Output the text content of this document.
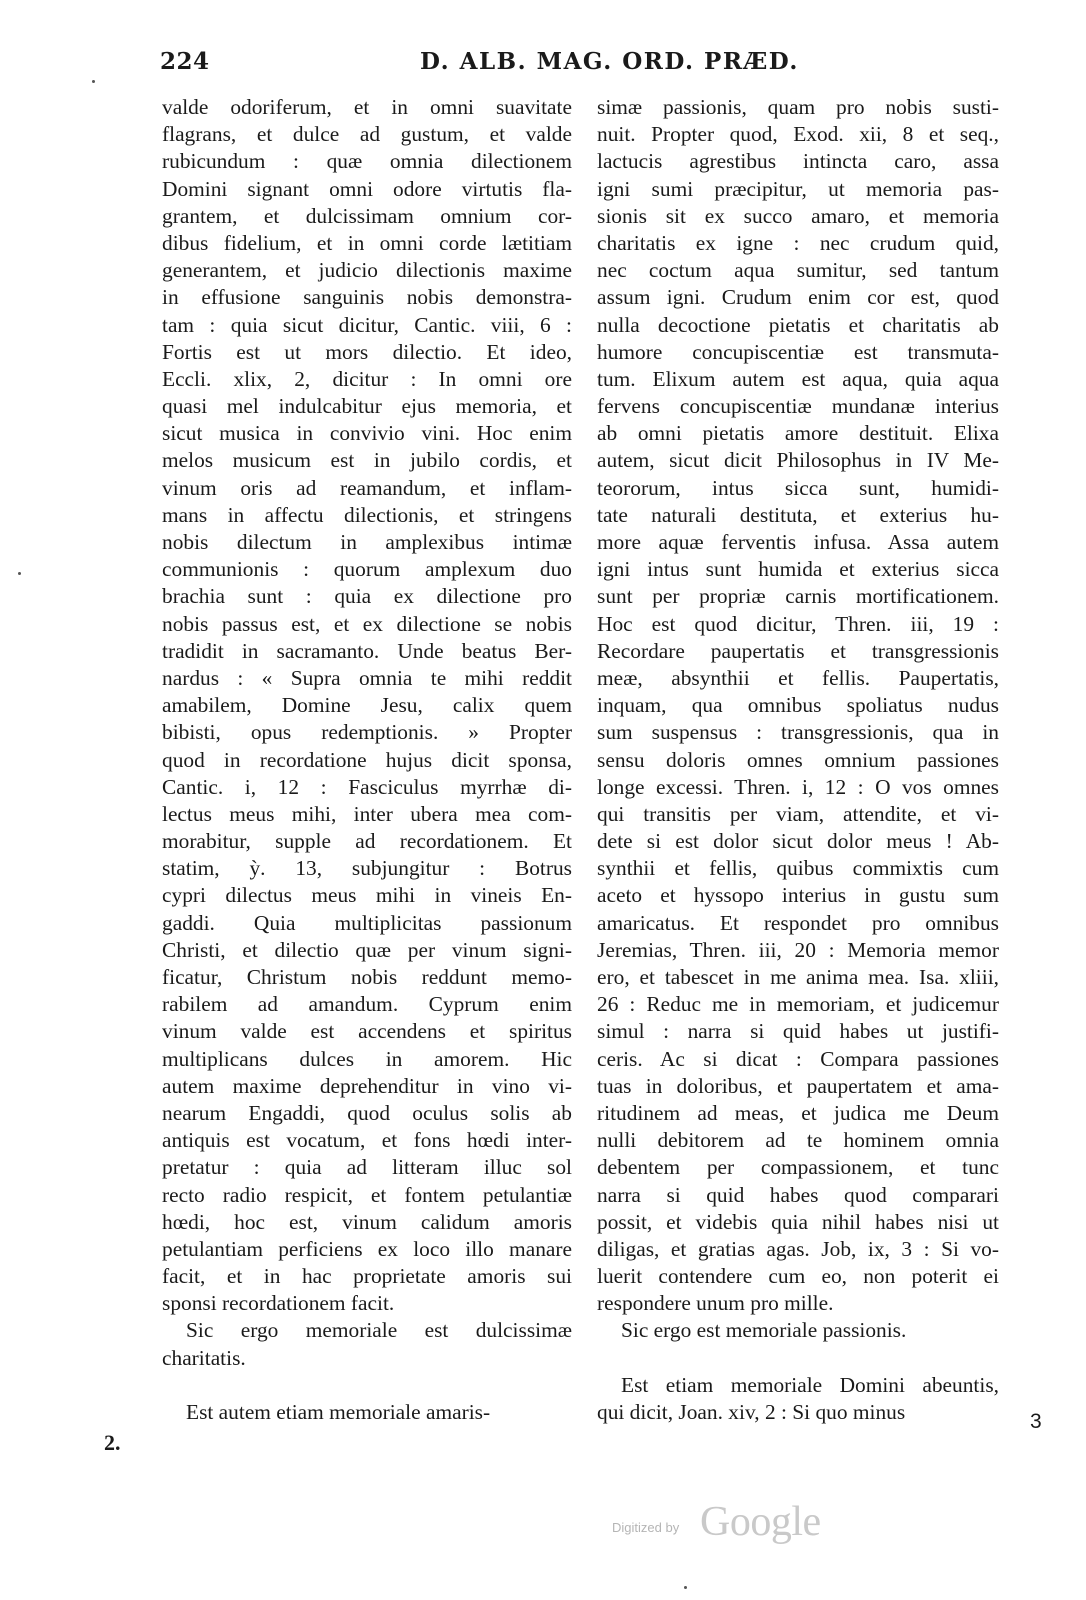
224	D. ALB. MAG. ORD. PRÆD.
valde odoriferum, et in omni suavitate
flagrans, et dulce ad gustum, et valde
rubicundum : quæ omnia dilectionem
Domini signant omni odore virtutis fla-
grantem, et dulcissimam omnium cor-
dibus fidelium, et in omni corde lætitiam
generantem, et judicio dilectionis maxime
in effusione sanguinis nobis demonstra-
tam : quia sicut dicitur, Cantic. viii, 6 :
Fortis est ut mors dilectio. Et ideo,
Eccli. xlix, 2, dicitur : In omni ore
quasi mel indulcabitur ejus memoria, et
sicut musica in convivio vini. Hoc enim
melos musicum est in jubilo cordis, et
vinum oris ad reamandum, et inflam-
mans in affectu dilectionis, et stringens
nobis dilectum in amplexibus intimæ
communionis : quorum amplexum duo
brachia sunt : quia ex dilectione pro
nobis passus est, et ex dilectione se nobis
tradidit in sacramanto. Unde beatus Ber-
nardus : « Supra omnia te mihi reddit
amabilem, Domine Jesu, calix quem
bibisti, opus redemptionis. » Propter
quod in recordatione hujus dicit sponsa,
Cantic. i, 12 : Fasciculus myrrhæ di-
lectus meus mihi, inter ubera mea com-
morabitur, supple ad recordationem. Et
statim, ỳ. 13, subjungitur : Botrus
cypri dilectus meus mihi in vineis En-
gaddi. Quia multiplicitas passionum
Christi, et dilectio quæ per vinum signi-
ficatur, Christum nobis reddunt memo-
rabilem ad amandum. Cyprum enim
vinum valde est accendens et spiritus
multiplicans dulces in amorem. Hic
autem maxime deprehenditur in vino vi-
nearum Engaddi, quod oculus solis ab
antiquis est vocatum, et fons hœdi inter-
pretatur : quia ad litteram illuc sol
recto radio respicit, et fontem petulantiæ
hœdi, hoc est, vinum calidum amoris
petulantiam perficiens ex loco illo manare
facit, et in hac proprietate amoris sui
sponsi recordationem facit.
Sic ergo memoriale est dulcissimæ
charitatis.
Est autem etiam memoriale amaris-
simæ passionis, quam pro nobis susti-
nuit. Propter quod, Exod. xii, 8 et seq.,
lactucis agrestibus intincta caro, assa
igni sumi præcipitur, ut memoria pas-
sionis sit ex succo amaro, et memoria
charitatis ex igne : nec crudum quid,
nec coctum aqua sumitur, sed tantum
assum igni. Crudum enim cor est, quod
nulla decoctione pietatis et charitatis ab
humore concupiscentiæ est transmuta-
tum. Elixum autem est aqua, quia aqua
fervens concupiscentiæ mundanæ interius
ab omni pietatis amore destituit. Elixa
autem, sicut dicit Philosophus in IV Me-
teororum, intus sicca sunt, humidi-
tate naturali destituta, et exterius hu-
more aquæ ferventis infusa. Assa autem
igni intus sunt humida et exterius sicca
sunt per propriæ carnis mortificationem.
Hoc est quod dicitur, Thren. iii, 19 :
Recordare paupertatis et transgressionis
meæ, absynthii et fellis. Paupertatis,
inquam, qua omnibus spoliatus nudus
sum suspensus : transgressionis, qua in
sensu doloris omnes omnium passiones
longe excessi. Thren. i, 12 : O vos omnes
qui transitis per viam, attendite, et vi-
dete si est dolor sicut dolor meus ! Ab-
synthii et fellis, quibus commixtis cum
aceto et hyssopo interius in gustu sum
amaricatus. Et respondet pro omnibus
Jeremias, Thren. iii, 20 : Memoria memor
ero, et tabescet in me anima mea. Isa. xliii,
26 : Reduc me in memoriam, et judicemur
simul : narra si quid habes ut justifi-
ceris. Ac si dicat : Compara passiones
tuas in doloribus, et paupertatem et ama-
ritudinem ad meas, et judica me Deum
nulli debitorem ad te hominem omnia
debentem per compassionem, et tunc
narra si quid habes quod comparari
possit, et videbis quia nihil habes nisi ut
diligas, et gratias agas. Job, ix, 3 : Si vo-
luerit contendere cum eo, non poterit ei
respondere unum pro mille.
Sic ergo est memoriale passionis.
Est etiam memoriale Domini abeuntis,
qui dicit, Joan. xiv, 2 : Si quo minus
2.
3
Digitized by Google
